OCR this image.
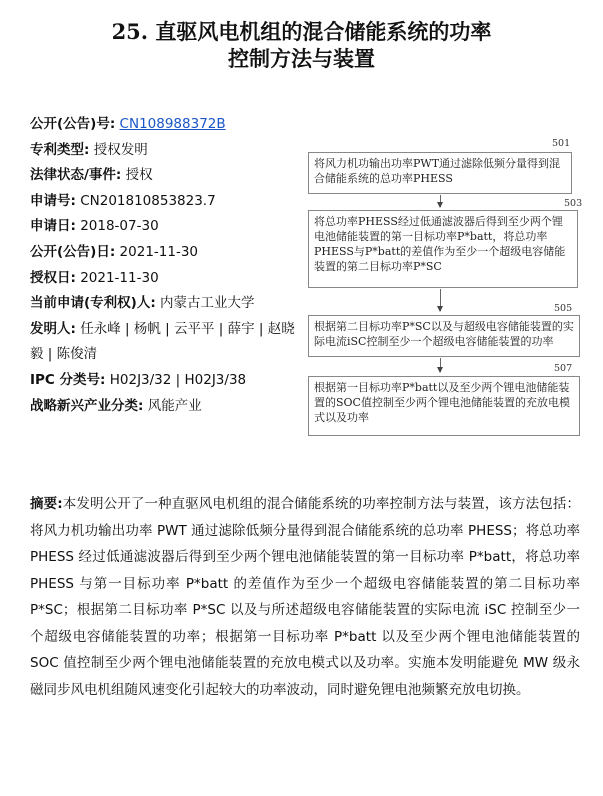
25. 直驱风电机组的混合储能系统的功率
控制方法与装置
公开(公告)号: CN108988372B
专利类型: 授权发明
法律状态/事件: 授权
申请号: CN201810853823.7
申请日: 2018-07-30
公开(公告)日: 2021-11-30
授权日: 2021-11-30
当前申请(专利权)人: 内蒙古工业大学
发明人: 任永峰 | 杨帆 | 云平平 | 薛宇 | 赵晓毅 | 陈俊清
IPC 分类号: H02J3/32 | H02J3/38
战略新兴产业分类: 风能产业
501
将风力机功输出功率PWT通过滤除低频分量得到混合储能系统的总功率PHESS
503
将总功率PHESS经过低通滤波器后得到至少两个锂电池储能装置的第一目标功率P*batt，将总功率PHESS与P*batt的差值作为至少一个超级电容储能装置的第二目标功率P*SC
505
根据第二目标功率P*SC以及与超级电容储能装置的实际电流iSC控制至少一个超级电容储能装置的功率
507
根据第一目标功率P*batt以及至少两个锂电池储能装置的SOC值控制至少两个锂电池储能装置的充放电模式以及功率
摘要:本发明公开了一种直驱风电机组的混合储能系统的功率控制方法与装置，该方法包括：将风力机功输出功率 PWT 通过滤除低频分量得到混合储能系统的总功率 PHESS；将总功率 PHESS 经过低通滤波器后得到至少两个锂电池储能装置的第一目标功率 P*batt，将总功率 PHESS 与第一目标功率 P*batt 的差值作为至少一个超级电容储能装置的第二目标功率 P*SC；根据第二目标功率 P*SC 以及与所述超级电容储能装置的实际电流 iSC 控制至少一个超级电容储能装置的功率；根据第一目标功率 P*batt 以及至少两个锂电池储能装置的 SOC 值控制至少两个锂电池储能装置的充放电模式以及功率。实施本发明能避免 MW 级永磁同步风电机组随风速变化引起较大的功率波动，同时避免锂电池频繁充放电切换。
